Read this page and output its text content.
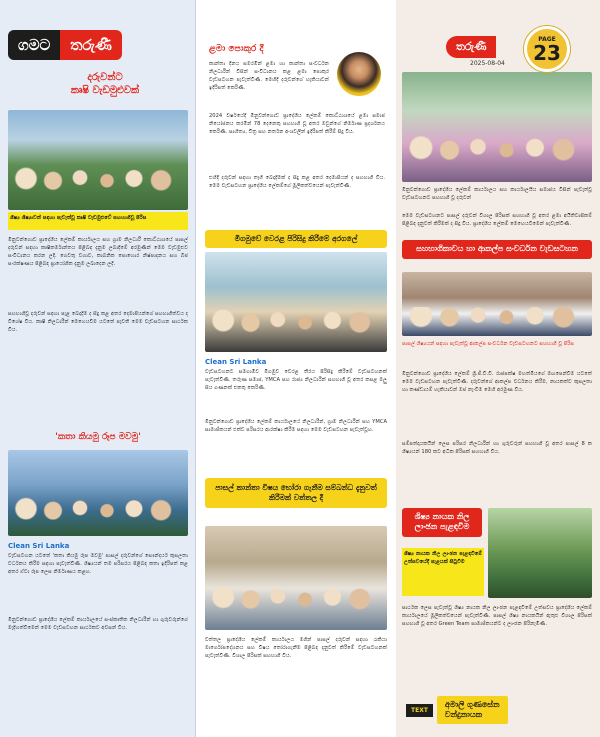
ගමට	තරුණී
දරුවන්ට
කෘෂි වැඩමුළුවක්
ශිෂ්‍ය ශිෂ්‍යාවන් සඳහා පැවැත්වූ කෘෂි වැඩමුළුවේ සහභාගිවූ පිරිස
මීනුවන්ගොඩ ප්‍රාදේශීය ලේකම් කාර්යාලය සහ ග්‍රාම නිලධාරී කොට්ඨාශයේ පාසල් දරුවන් සඳහා කෘෂිකර්මාන්තය පිළිබඳ දැනුම ලබාදීමේ අරමුණින් මෙම වැඩමුළුව සංවිධානය කරන ලදී. ගෙවතු වගාව, කාබනික පොහොර නිෂ්පාදනය සහ බීජ සංරක්ෂණය පිළිබඳ ප්‍රායෝගික දැනුම ලබාදෙන ලදී.
සහභාගිවූ දරුවන් සඳහා පැළ බෙදාදීම ද සිදු කළ අතර දෙමාපියන්ගේ සහභාගීත්වය ද විශේෂ විය. කෘෂි නිලධාරීන් මෙහෙයවීම යටතේ පැවති මෙම වැඩසටහන සාර්ථක විය.
'කතා කියමු රූප මවමු'
Clean Sri Lanka
වැඩසටහන යටතේ 'කතා කියමු රූප මවමු' පාසල් දරුවන්ගේ සෞන්දර්ය කුසලතා වර්ධනය කිරීම සඳහා පැවැත්විණි. ශිෂ්‍යයන් තම පරිසරය පිළිබඳ කතා ඉදිරිපත් කළ අතර ඒවා රූප ලෙස නිර්මාණය කළහ.
මීනුවන්ගොඩ ප්‍රාදේශීය ලේකම් කාර්යාලයේ සංස්කෘතික නිලධාරීන් හා ගුරුවරුන්ගේ මැදිහත්වීමෙන් මෙම වැඩසටහන සාර්ථකව අවසන් විය.
ළමා පොකුර දී
කාන්තා දිනය සමරමින් ළමා හා කාන්තා සංවර්ධන නිලධාරීන් විසින් සංවිධානය කළ ළමා පොකුර වැඩසටහන පැවැත්විණි. මෙහිදී දරුවන්ගේ හැකියාවන් ඉදිරිපත් කෙරිණි.
2024 වර්ෂයේදී මීනුවන්ගොඩ ප්‍රාදේශීය ලේකම් කොට්ඨාශයේ ළමා සමාජ නියෝජනය කරමින් 78 දෙනෙකු සහභාගි වූ අතර ඔවුන්ගේ නිර්මාණ ප්‍රදර්ශනය කෙරිණි. සාහිත්‍ය, චිත්‍ර සහ නර්තන අංශවලින් ඉදිරිපත් කිරීම් සිදු විය.
එහිදී දරුවන් සඳහා තෑගි බෙදාදීමක් ද සිදු කළ අතර දෙමාපියන් ද සහභාගී විය. මෙම වැඩසටහන ප්‍රාදේශීය ලේකම්ගේ මූලිකත්වයෙන් පැවැත්විණි.
මීගමුවේ වෙරළ පිරිසිදු කිරීමේ අරගලේ
Clean Sri Lanka
වැඩසටහනට සමගාමීව මීගමුව වෙරළ තීරය පිරිසිදු කිරීමේ වැඩසටහනක් පැවැත්විණි. තරුණ සමාජ, YMCA සහ රාජ්‍ය නිලධාරීන් සහභාගී වූ අතර කසළ මලු සිය ගණනක් එකතු කෙරිණි.
මීනුවන්ගොඩ ප්‍රාදේශීය ලේකම් කාර්යාලයේ නිලධාරීන්, ග්‍රාම නිලධාරීන් සහ YMCA සාමාජිකයන් එක්ව පරිසරය ආරක්ෂා කිරීම සඳහා මෙම වැඩසටහන පැවැත්වූහ.
පාසල් කාන්තා විෂය භෝරා ගැනීම සම්බන්ධ දැනුවත් කිරීමක් වත්තල දී
වත්තල ප්‍රාදේශීය ලේකම් කාර්යාලය මගින් පාසල් දරුවන් සඳහා රැකියා මාර්ගෝපදේශනය සහ විෂය තෝරාගැනීම පිළිබඳ දැනුවත් කිරීමේ වැඩසටහනක් පැවැත්විණි. විශාල පිරිසක් සහභාගී විය.
තරුණී
2025-08-04
මීනුවන්ගොඩ ප්‍රාදේශීය ලේකම් කාර්යාලය සහ කාර්යාලයීය සමාජය විසින් පැවැත්වූ වැඩසටහනට සහභාගී වූ දරුවන්
මෙම වැඩසටහනට පාසල් දරුවන් විශාල පිරිසක් සහභාගී වූ අතර ළමා අයිතිවාසිකම් පිළිබඳ දැනුවත් කිරීමක් ද සිදු විය. ප්‍රාදේශීය ලේකම් මෙහෙයවීමෙන් පැවැත්විණි.
සහභාගිකාවය හා ආකල්ප සංවර්ධන වැඩසටහන
පාසල් ශිෂ්‍යයන් සඳහා පැවැත්වූ ආකල්ප සංවර්ධන වැඩසටහනට සහභාගී වූ පිරිස
මීනුවන්ගොඩ ප්‍රාදේශීය ලේකම් ශ්‍රී.ජී.වී.වී. රාජපක්ෂ මහත්මියගේ මඟපෙන්වීම යටතේ මෙම වැඩසටහන පැවැත්විණි. දරුවන්ගේ ආකල්ප වර්ධනය කිරීම, නායකත්ව කුසලතා හා කණ්ඩායම් හැකියාවන් ඔප් නැංවීම මෙහි අරමුණ විය.
සම්පත්දායකයින් ලෙස පරිසර නිලධාරීන් හා ගුරුවරුන් සහභාගී වූ අතර පාසල් 8 ක ශිෂ්‍යයන් 180 කට අධික පිරිසක් සහභාගී විය.
ශිෂ්‍ය නායක නිල ලාංඡන පැළඳවීම
ශිෂ්‍ය නායක නිල ලාංඡන පැළඳවීමේ උත්සවයේදී පැළයක් සිටුවීම
සාර්ථක ලෙස පැවැත්වූ ශිෂ්‍ය නායක නිල ලාංඡන පැළඳවීමේ උත්සවය ප්‍රාදේශීය ලේකම් කාර්යාලයේ මූලිකත්වයෙන් පැවැත්විණි. පාසල් ශිෂ්‍ය නායකයින් ඇතුළු විශාල පිරිසක් සහභාගී වූ අතර Green Team සාමාජිකයන්ට ද ලාංඡන පිරිනැමිණි.
PAGE
23
TEXT
අමාලි ගුණසේන
වන්දුනායක
